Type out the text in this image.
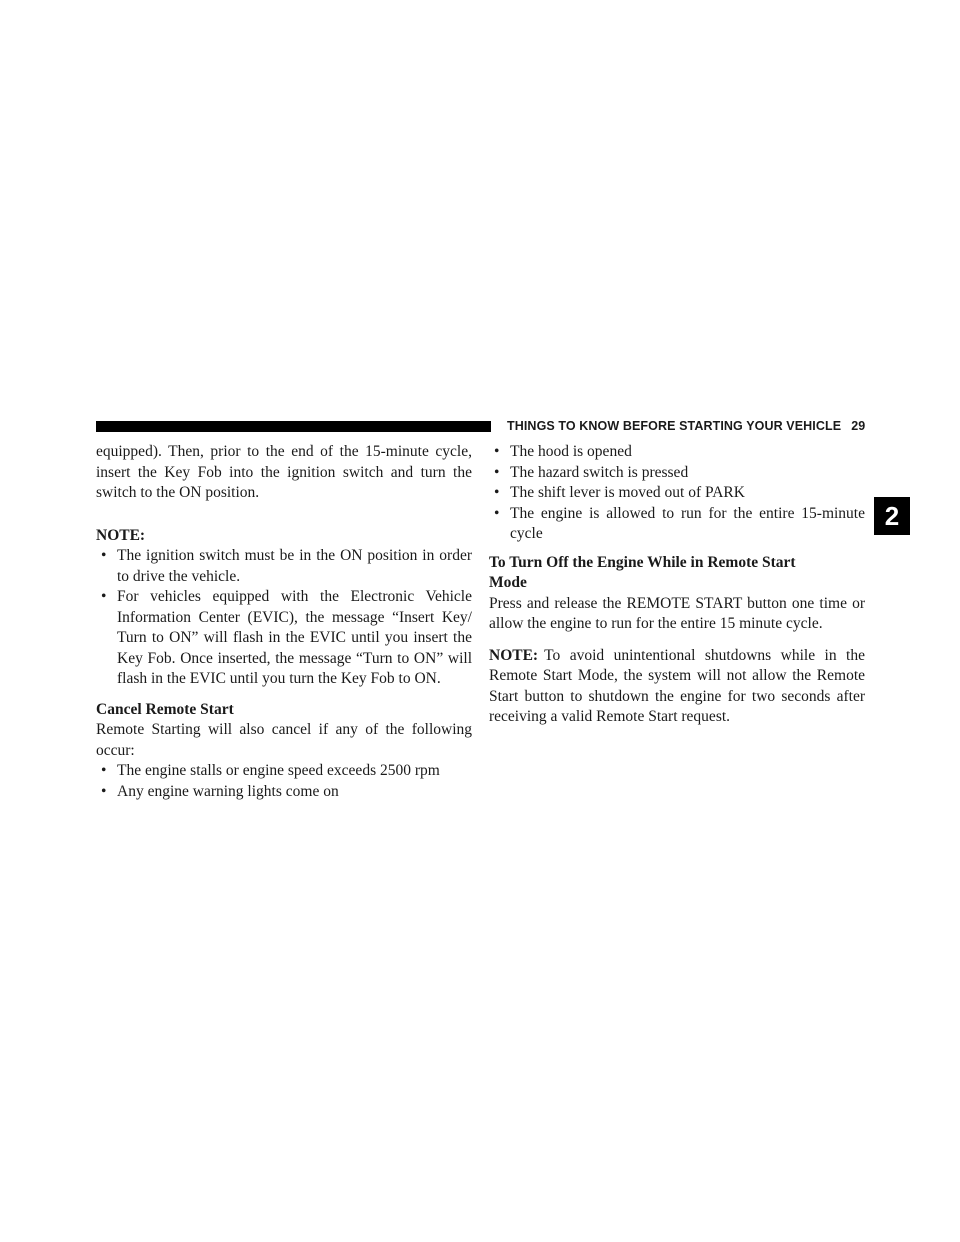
THINGS TO KNOW BEFORE STARTING YOUR VEHICLE 29
2

equipped). Then, prior to the end of the 15-minute cycle, insert the Key Fob into the ignition switch and turn the switch to the ON position.

NOTE:

• The ignition switch must be in the ON position in order to drive the vehicle.
• For vehicles equipped with the Electronic Vehicle Information Center (EVIC), the message “Insert Key/ Turn to ON” will flash in the EVIC until you insert the Key Fob. Once inserted, the message “Turn to ON” will flash in the EVIC until you turn the Key Fob to ON.

Cancel Remote Start

Remote Starting will also cancel if any of the following occur:

• The engine stalls or engine speed exceeds 2500 rpm
• Any engine warning lights come on
• The hood is opened
• The hazard switch is pressed
• The shift lever is moved out of PARK
• The engine is allowed to run for the entire 15-minute cycle

To Turn Off the Engine While in Remote Start Mode

Press and release the REMOTE START button one time or allow the engine to run for the entire 15 minute cycle.

NOTE: To avoid unintentional shutdowns while in the Remote Start Mode, the system will not allow the Remote Start button to shutdown the engine for two seconds after receiving a valid Remote Start request.
